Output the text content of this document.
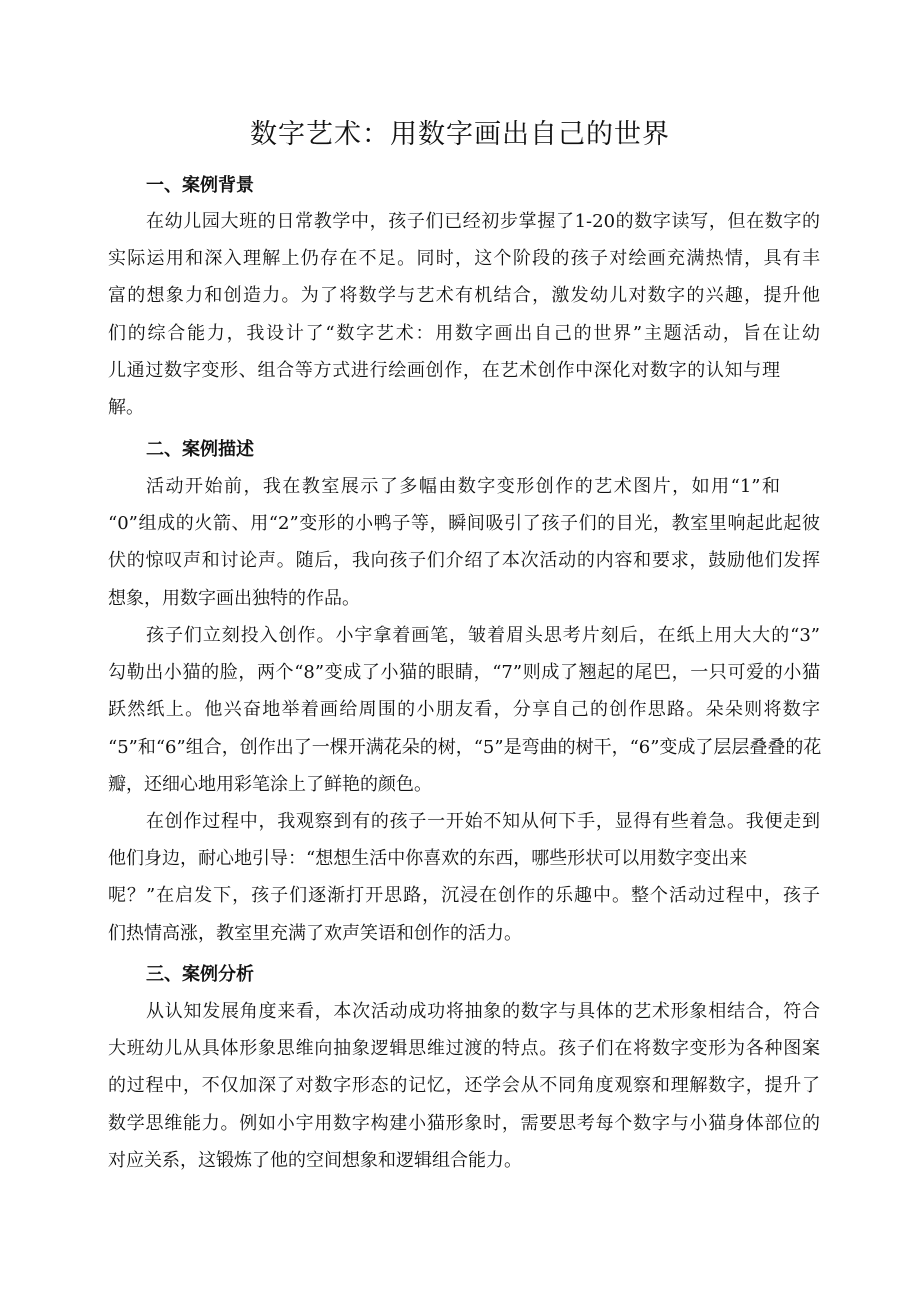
数字艺术：用数字画出自己的世界
一、案例背景
在幼儿园大班的日常教学中，孩子们已经初步掌握了1-20的数字读写，但在数字的
实际运用和深入理解上仍存在不足。同时，这个阶段的孩子对绘画充满热情，具有丰
富的想象力和创造力。为了将数学与艺术有机结合，激发幼儿对数字的兴趣，提升他
们的综合能力，我设计了“数字艺术：用数字画出自己的世界”主题活动，旨在让幼
儿通过数字变形、组合等方式进行绘画创作，在艺术创作中深化对数字的认知与理
解。
二、案例描述
活动开始前，我在教室展示了多幅由数字变形创作的艺术图片，如用“1”和
“0”组成的火箭、用“2”变形的小鸭子等，瞬间吸引了孩子们的目光，教室里响起此起彼
伏的惊叹声和讨论声。随后，我向孩子们介绍了本次活动的内容和要求，鼓励他们发挥
想象，用数字画出独特的作品。
孩子们立刻投入创作。小宇拿着画笔，皱着眉头思考片刻后，在纸上用大大的“3”
勾勒出小猫的脸，两个“8”变成了小猫的眼睛，“7”则成了翘起的尾巴，一只可爱的小猫
跃然纸上。他兴奋地举着画给周围的小朋友看，分享自己的创作思路。朵朵则将数字
“5”和“6”组合，创作出了一棵开满花朵的树，“5”是弯曲的树干，“6”变成了层层叠叠的花
瓣，还细心地用彩笔涂上了鲜艳的颜色。
在创作过程中，我观察到有的孩子一开始不知从何下手，显得有些着急。我便走到
他们身边，耐心地引导：“想想生活中你喜欢的东西，哪些形状可以用数字变出来
呢？”在启发下，孩子们逐渐打开思路，沉浸在创作的乐趣中。整个活动过程中，孩子
们热情高涨，教室里充满了欢声笑语和创作的活力。
三、案例分析
从认知发展角度来看，本次活动成功将抽象的数字与具体的艺术形象相结合，符合
大班幼儿从具体形象思维向抽象逻辑思维过渡的特点。孩子们在将数字变形为各种图案
的过程中，不仅加深了对数字形态的记忆，还学会从不同角度观察和理解数字，提升了
数学思维能力。例如小宇用数字构建小猫形象时，需要思考每个数字与小猫身体部位的
对应关系，这锻炼了他的空间想象和逻辑组合能力。
